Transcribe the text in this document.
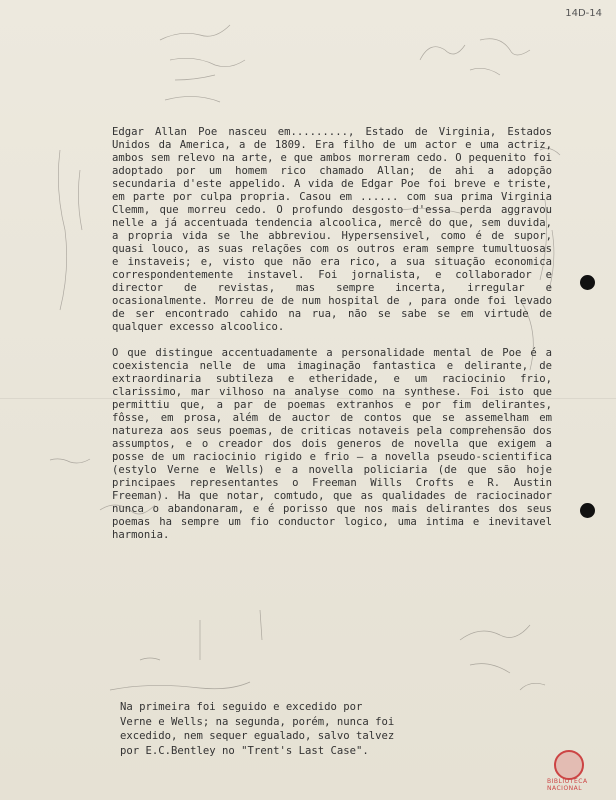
14D-14

Edgar Allan Poe nasceu em........., Estado de Virginia, Estados Unidos da America, a de 1809. Era filho de um actor e uma actriz, ambos sem relevo na arte, e que ambos morreram cedo. O pequenito foi adoptado por um homem rico chamado Allan; de ahi a adopção secundaria d'este appelido. A vida de Edgar Poe foi breve e triste, em parte por culpa propria. Casou em ...... com sua prima Virginia Clemm, que morreu cedo. O profundo desgosto d'essa perda aggravou nelle a já accentuada tendencia alcoolica, mercê do que, sem duvida, a propria vida se lhe abbreviou. Hypersensivel, como é de supor, quasi louco, as suas relações com os outros eram sempre tumultuosas e instaveis; e, visto que não era rico, a sua situação economica correspondentemente instavel. Foi jornalista, e collaborador e director de revistas, mas sempre incerta, irregular e ocasionalmente. Morreu de de num hospital de , para onde foi levado de ser encontrado cahido na rua, não se sabe se em virtude de qualquer excesso alcoolico.

O que distingue accentuadamente a personalidade mental de Poe é a coexistencia nelle de uma imaginação fantastica e delirante, de extraordinaria subtileza e etheridade, e um raciocinio frio, clarissimo, mar vilhoso na analyse como na synthese. Foi isto que permittiu que, a par de poemas extranhos e por fim delirantes, fôsse, em prosa, além de auctor de contos que se assemelham em natureza aos seus poemas, de criticas notaveis pela comprehensão dos assumptos, e o creador dos dois generos de novella que exigem a posse de um raciocinio rigido e frio — a novella pseudo-scientifica (estylo Verne e Wells) e a novella policiaria (de que são hoje principaes representantes o Freeman Wills Crofts e R. Austin Freeman). Ha que notar, comtudo, que as qualidades de raciocinador nunca o abandonaram, e é porisso que nos mais delirantes dos seus poemas ha sempre um fio conductor logico, uma intima e inevitavel harmonia.

Na primeira foi seguido e excedido por Verne e Wells; na segunda, porém, nunca foi excedido, nem sequer egualado, salvo talvez por E.C.Bentley no "Trent's Last Case".
BIBLIOTECA NACIONAL
